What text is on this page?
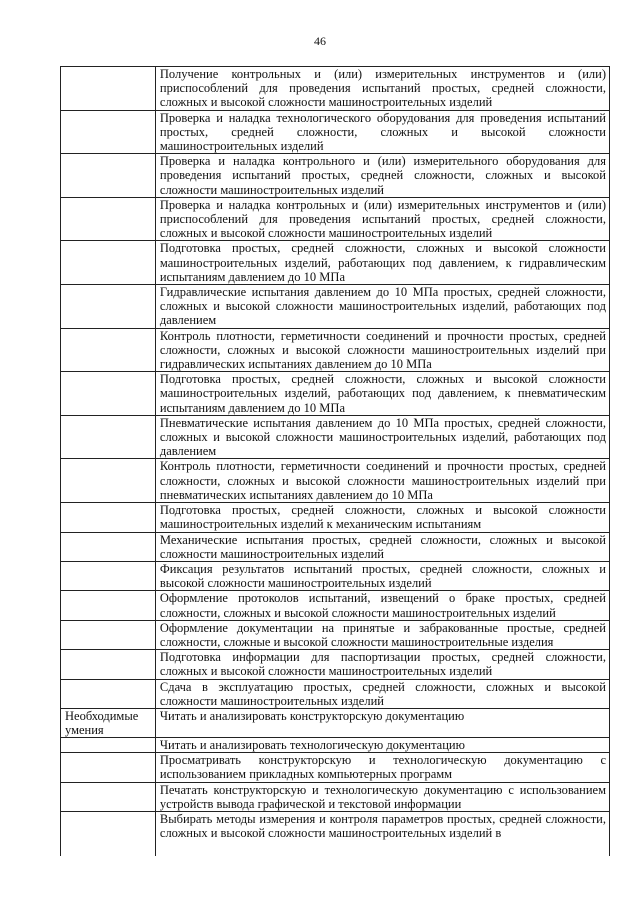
46
	Получение контрольных и (или) измерительных инструментов и (или) приспособлений для проведения испытаний простых, средней сложности, сложных и высокой сложности машиностроительных изделий
	Проверка и наладка технологического оборудования для проведения испытаний простых, средней сложности, сложных и высокой сложности машиностроительных изделий
	Проверка и наладка контрольного и (или) измерительного оборудования для проведения испытаний простых, средней сложности, сложных и высокой сложности машиностроительных изделий
	Проверка и наладка контрольных и (или) измерительных инструментов и (или) приспособлений для проведения испытаний простых, средней сложности, сложных и высокой сложности машиностроительных изделий
	Подготовка простых, средней сложности, сложных и высокой сложности машиностроительных изделий, работающих под давлением, к гидравлическим испытаниям давлением до 10 МПа
	Гидравлические испытания давлением до 10 МПа простых, средней сложности, сложных и высокой сложности машиностроительных изделий, работающих под давлением
	Контроль плотности, герметичности соединений и прочности простых, средней сложности, сложных и высокой сложности машиностроительных изделий при гидравлических испытаниях давлением до 10 МПа
	Подготовка простых, средней сложности, сложных и высокой сложности машиностроительных изделий, работающих под давлением, к пневматическим испытаниям давлением до 10 МПа
	Пневматические испытания давлением до 10 МПа простых, средней сложности, сложных и высокой сложности машиностроительных изделий, работающих под давлением
	Контроль плотности, герметичности соединений и прочности простых, средней сложности, сложных и высокой сложности машиностроительных изделий при пневматических испытаниях давлением до 10 МПа
	Подготовка простых, средней сложности, сложных и высокой сложности машиностроительных изделий к механическим испытаниям
	Механические испытания простых, средней сложности, сложных и высокой сложности машиностроительных изделий
	Фиксация результатов испытаний простых, средней сложности, сложных и высокой сложности машиностроительных изделий
	Оформление протоколов испытаний, извещений о браке простых, средней сложности, сложных и высокой сложности машиностроительных изделий
	Оформление документации на принятые и забракованные простые, средней сложности, сложные и высокой сложности машиностроительные изделия
	Подготовка информации для паспортизации простых, средней сложности, сложных и высокой сложности машиностроительных изделий
	Сдача в эксплуатацию простых, средней сложности, сложных и высокой сложности машиностроительных изделий

Необходимые умения	Читать и анализировать конструкторскую документацию
	Читать и анализировать технологическую документацию
	Просматривать конструкторскую и технологическую документацию с использованием прикладных компьютерных программ
	Печатать конструкторскую и технологическую документацию с использованием устройств вывода графической и текстовой информации
	Выбирать методы измерения и контроля параметров простых, средней сложности, сложных и высокой сложности машиностроительных изделий в
